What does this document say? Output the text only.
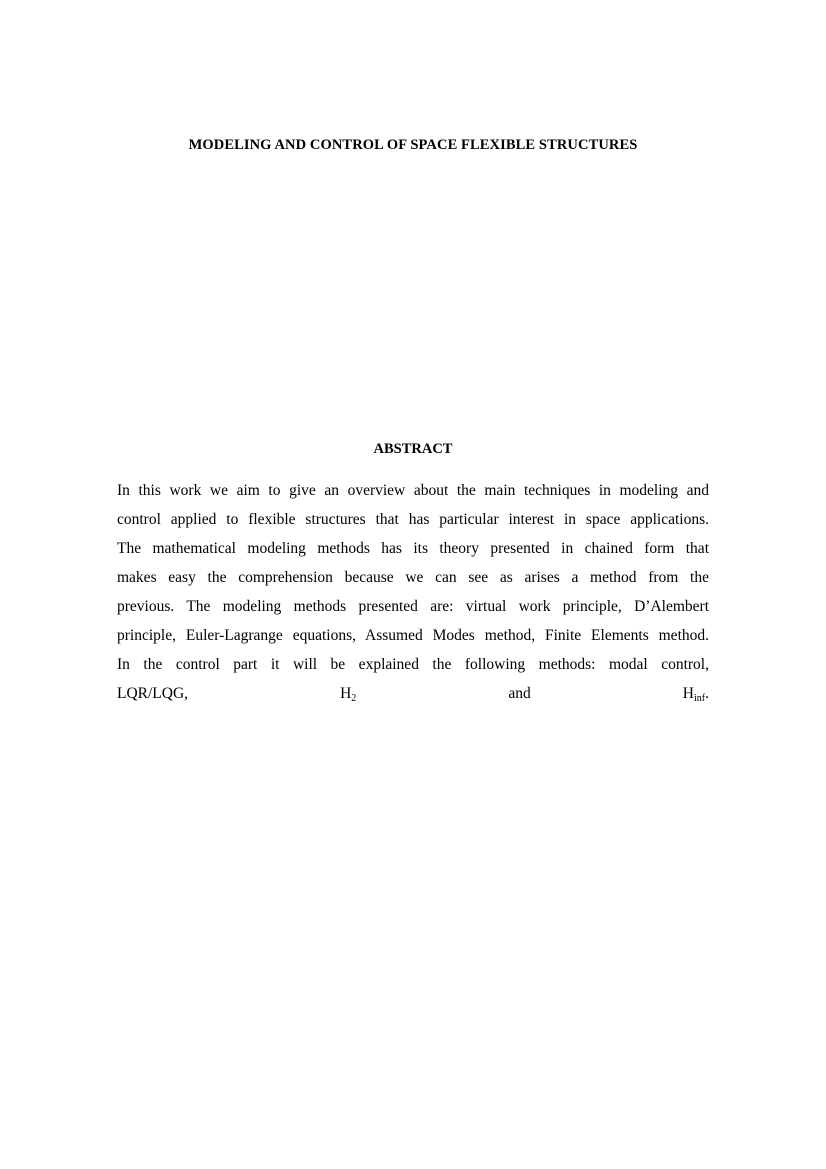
MODELING AND CONTROL OF SPACE FLEXIBLE STRUCTURES
ABSTRACT
In this work we aim to give an overview about the main techniques in modeling and
control applied to flexible structures that has particular interest in space applications.
The mathematical modeling methods has its theory presented in chained form that
makes easy the comprehension because we can see as arises a method from the
previous. The modeling methods presented are: virtual work principle, D’Alembert
principle, Euler-Lagrange equations, Assumed Modes method, Finite Elements method.
In the control part it will be explained the following methods: modal control,
LQR/LQG,	$H_2$	and	$H_{inf}$.
